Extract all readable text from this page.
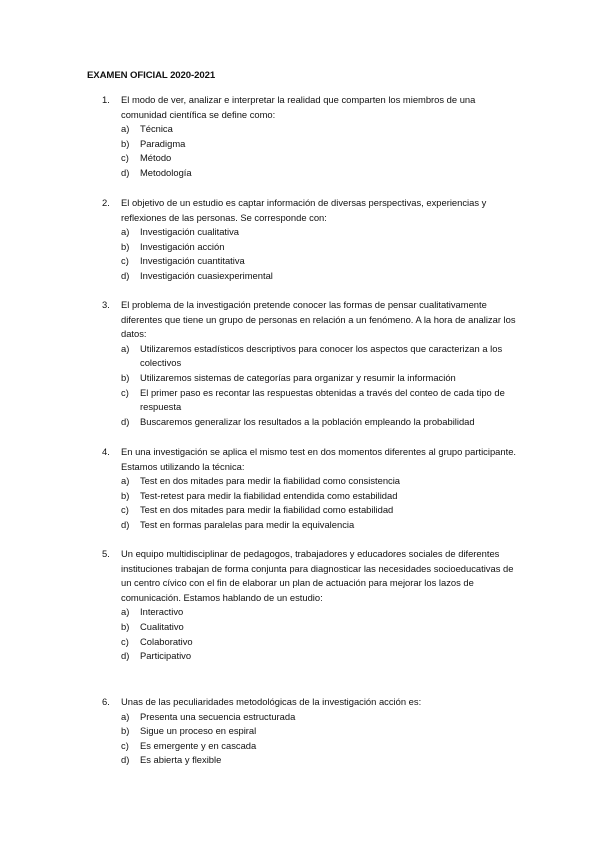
EXAMEN OFICIAL 2020-2021
1.	El modo de ver, analizar e interpretar la realidad que comparten los miembros de una comunidad científica se define como:
a)	Técnica
b)	Paradigma
c)	Método
d)	Metodología
2.	El objetivo de un estudio es captar información de diversas perspectivas, experiencias y reflexiones de las personas. Se corresponde con:
a)	Investigación cualitativa
b)	Investigación acción
c)	Investigación cuantitativa
d)	Investigación cuasiexperimental
3.	El problema de la investigación pretende conocer las formas de pensar cualitativamente diferentes que tiene un grupo de personas en relación a un fenómeno. A la hora de analizar los datos:
a)	Utilizaremos estadísticos descriptivos para conocer los aspectos que caracterizan a los colectivos
b)	Utilizaremos sistemas de categorías para organizar y resumir la información
c)	El primer paso es recontar las respuestas obtenidas a través del conteo de cada tipo de respuesta
d)	Buscaremos generalizar los resultados a la población empleando la probabilidad
4.	En una investigación se aplica el mismo test en dos momentos diferentes al grupo participante. Estamos utilizando la técnica:
a)	Test en dos mitades para medir la fiabilidad como consistencia
b)	Test-retest para medir la fiabilidad entendida como estabilidad
c)	Test en dos mitades para medir la fiabilidad como estabilidad
d)	Test en formas paralelas para medir la equivalencia
5.	Un equipo multidisciplinar de pedagogos, trabajadores y educadores sociales de diferentes instituciones trabajan de forma conjunta para diagnosticar las necesidades socioeducativas de un centro cívico con el fin de elaborar un plan de actuación para mejorar los lazos de comunicación. Estamos hablando de un estudio:
a)	Interactivo
b)	Cualitativo
c)	Colaborativo
d)	Participativo
6.	Unas de las peculiaridades metodológicas de la investigación acción es:
a)	Presenta una secuencia estructurada
b)	Sigue un proceso en espiral
c)	Es emergente y en cascada
d)	Es abierta y flexible
